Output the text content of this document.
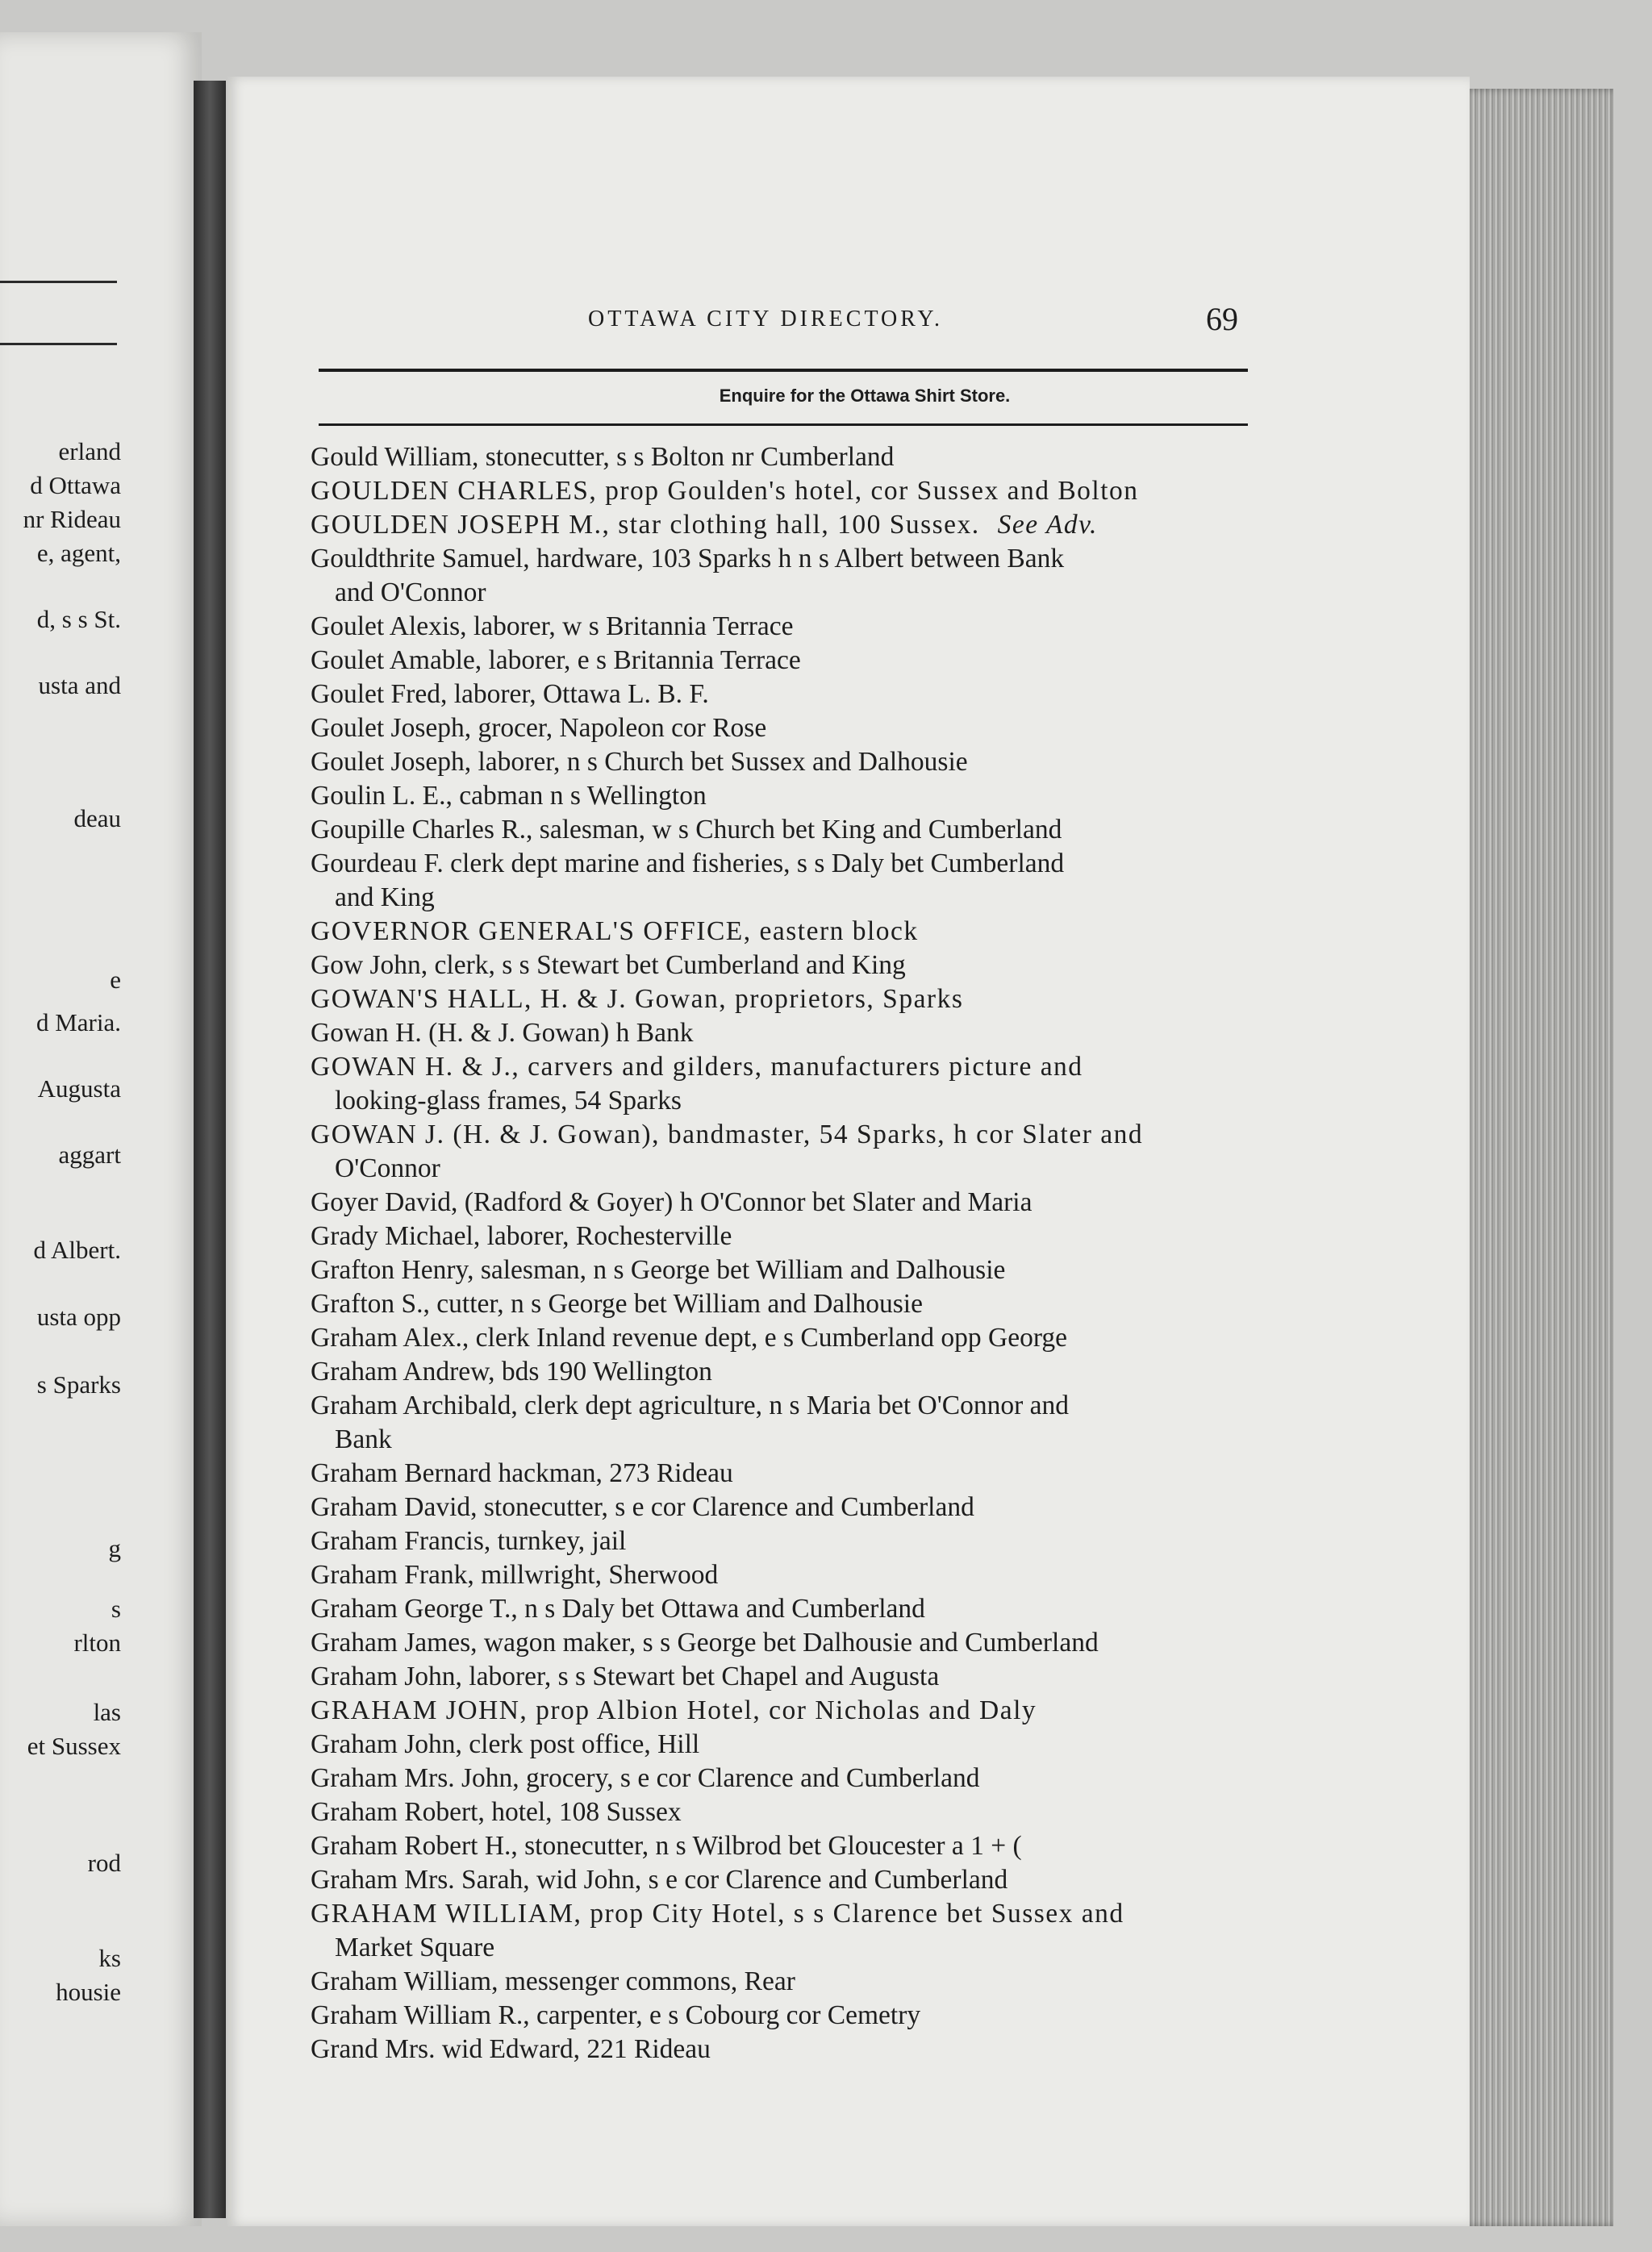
erland
d Ottawa
nr Rideau
e, agent,
d, s s St.
usta and
deau
e
d Maria.
Augusta
aggart
d Albert.
usta opp
s Sparks
g
s
rlton
las
et Sussex
rod
ks
housie
OTTAWA CITY DIRECTORY.	69
Enquire for the Ottawa Shirt Store.
Gould William, stonecutter, s s Bolton nr Cumberland
GOULDEN CHARLES, prop Goulden's hotel, cor Sussex and Bolton
GOULDEN JOSEPH M., star clothing hall, 100 Sussex. See Adv.
Gouldthrite Samuel, hardware, 103 Sparks h n s Albert between Bank
and O'Connor
Goulet Alexis, laborer, w s Britannia Terrace
Goulet Amable, laborer, e s Britannia Terrace
Goulet Fred, laborer, Ottawa L. B. F.
Goulet Joseph, grocer, Napoleon cor Rose
Goulet Joseph, laborer, n s Church bet Sussex and Dalhousie
Goulin L. E., cabman n s Wellington
Goupille Charles R., salesman, w s Church bet King and Cumberland
Gourdeau F. clerk dept marine and fisheries, s s Daly bet Cumberland
and King
GOVERNOR GENERAL'S OFFICE, eastern block
Gow John, clerk, s s Stewart bet Cumberland and King
GOWAN'S HALL, H. & J. Gowan, proprietors, Sparks
Gowan H. (H. & J. Gowan) h Bank
GOWAN H. & J., carvers and gilders, manufacturers picture and
looking-glass frames, 54 Sparks
GOWAN J. (H. & J. Gowan), bandmaster, 54 Sparks, h cor Slater and
O'Connor
Goyer David, (Radford & Goyer) h O'Connor bet Slater and Maria
Grady Michael, laborer, Rochesterville
Grafton Henry, salesman, n s George bet William and Dalhousie
Grafton S., cutter, n s George bet William and Dalhousie
Graham Alex., clerk Inland revenue dept, e s Cumberland opp George
Graham Andrew, bds 190 Wellington
Graham Archibald, clerk dept agriculture, n s Maria bet O'Connor and
Bank
Graham Bernard hackman, 273 Rideau
Graham David, stonecutter, s e cor Clarence and Cumberland
Graham Francis, turnkey, jail
Graham Frank, millwright, Sherwood
Graham George T., n s Daly bet Ottawa and Cumberland
Graham James, wagon maker, s s George bet Dalhousie and Cumberland
Graham John, laborer, s s Stewart bet Chapel and Augusta
GRAHAM JOHN, prop Albion Hotel, cor Nicholas and Daly
Graham John, clerk post office, Hill
Graham Mrs. John, grocery, s e cor Clarence and Cumberland
Graham Robert, hotel, 108 Sussex
Graham Robert H., stonecutter, n s Wilbrod bet Gloucester a 1 + (
Graham Mrs. Sarah, wid John, s e cor Clarence and Cumberland
GRAHAM WILLIAM, prop City Hotel, s s Clarence bet Sussex and
Market Square
Graham William, messenger commons, Rear
Graham William R., carpenter, e s Cobourg cor Cemetry
Grand Mrs. wid Edward, 221 Rideau
